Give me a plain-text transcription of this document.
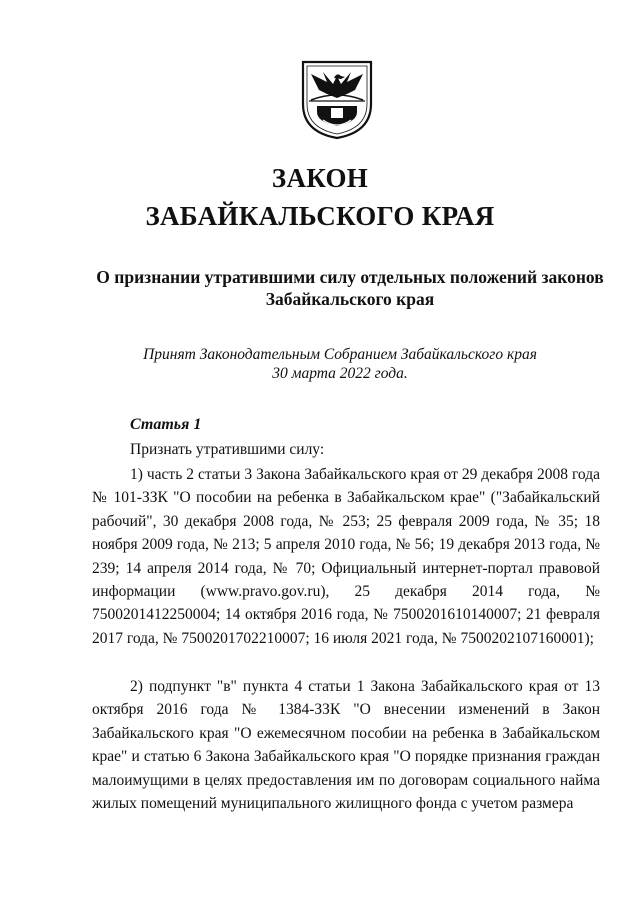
ЗАКОН
ЗАБАЙКАЛЬСКОГО КРАЯ
О признании утратившими силу отдельных положений законов
Забайкальского края
Принят Законодательным Собранием Забайкальского края
30 марта 2022 года.
Статья 1
Признать утратившими силу:
1) часть 2 статьи 3 Закона Забайкальского края от 29 декабря 2008 года № 101-ЗЗК "О пособии на ребенка в Забайкальском крае" ("Забайкальский рабочий", 30 декабря 2008 года, № 253; 25 февраля 2009 года, № 35; 18 ноября 2009 года, № 213; 5 апреля 2010 года, № 56; 19 декабря 2013 года, № 239; 14 апреля 2014 года, № 70; Официальный интернет-портал правовой информации (www.pravo.gov.ru), 25 декабря 2014 года, № 7500201412250004; 14 октября 2016 года, № 7500201610140007; 21 февраля 2017 года, № 7500201702210007; 16 июля 2021 года, № 7500202107160001);
2) подпункт "в" пункта 4 статьи 1 Закона Забайкальского края от 13 октября 2016 года № 1384-ЗЗК "О внесении изменений в Закон Забайкальского края "О ежемесячном пособии на ребенка в Забайкальском крае" и статью 6 Закона Забайкальского края "О порядке признания граждан малоимущими в целях предоставления им по договорам социального найма жилых помещений муниципального жилищного фонда с учетом размера
